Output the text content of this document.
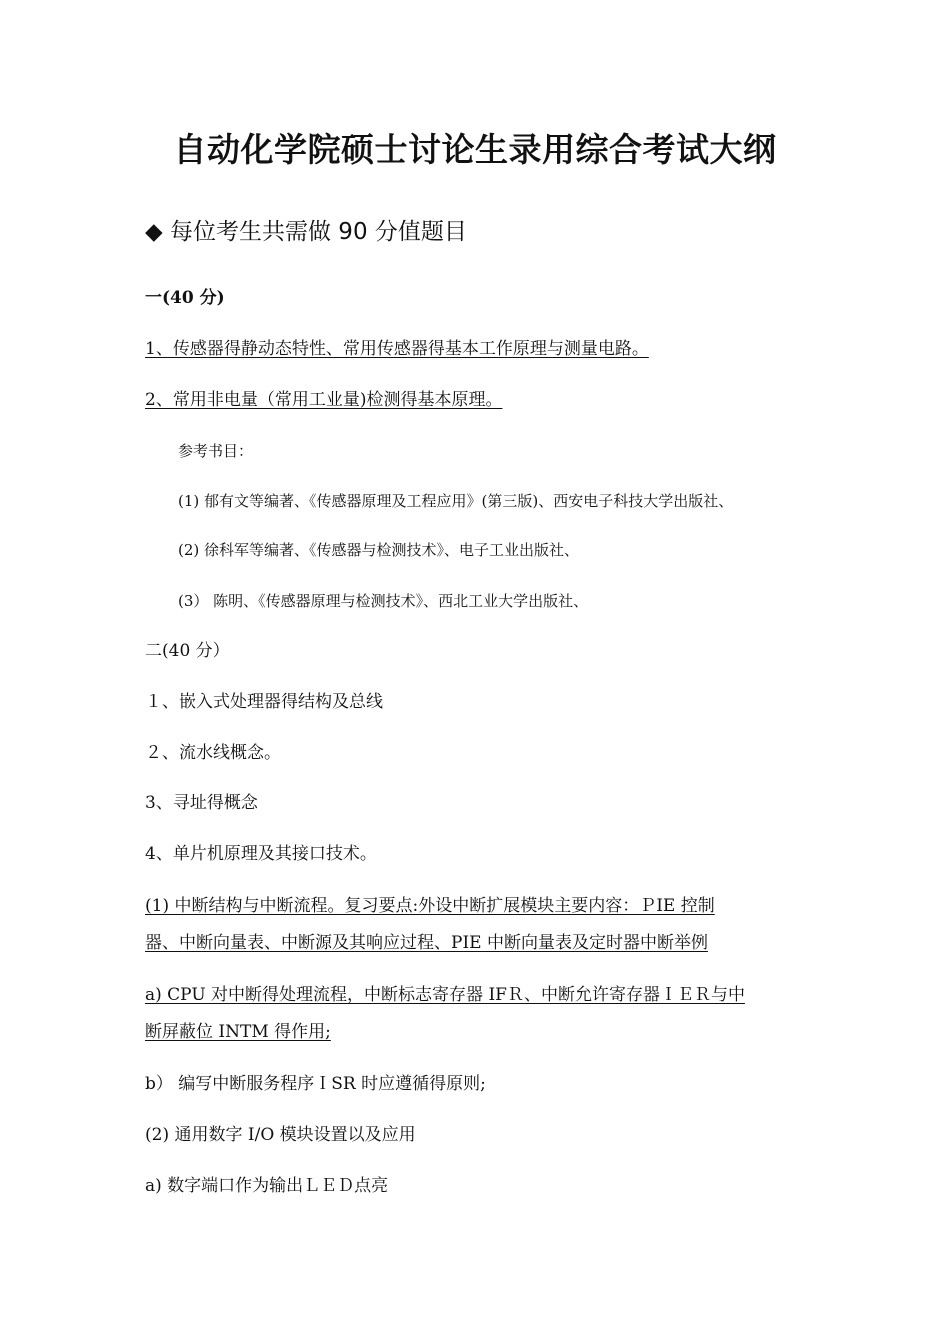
自动化学院硕士讨论生录用综合考试大纲
◆ 每位考生共需做 90 分值题目
一(40 分)
1、传感器得静动态特性、常用传感器得基本工作原理与测量电路。
2、常用非电量（常用工业量)检测得基本原理。
参考书目：
(1) 郁有文等编著、《传感器原理及工程应用》(第三版)、西安电子科技大学出版社、
(2) 徐科军等编著、《传感器与检测技术》、电子工业出版社、
(3） 陈明、《传感器原理与检测技术》、西北工业大学出版社、
二(40 分）
１、嵌入式处理器得结构及总线
２、流水线概念。
3、寻址得概念
4、单片机原理及其接口技术。
(1) 中断结构与中断流程。复习要点:外设中断扩展模块主要内容：ＰIE 控制
器、中断向量表、中断源及其响应过程、PIE 中断向量表及定时器中断举例
a) CPU 对中断得处理流程，中断标志寄存器 IFＲ、中断允许寄存器ＩＥＲ与中
断屏蔽位 INTM 得作用;
b） 编写中断服务程序ＩSR 时应遵循得原则;
(2) 通用数字 I/O 模块设置以及应用
a) 数字端口作为输出ＬＥＤ点亮
